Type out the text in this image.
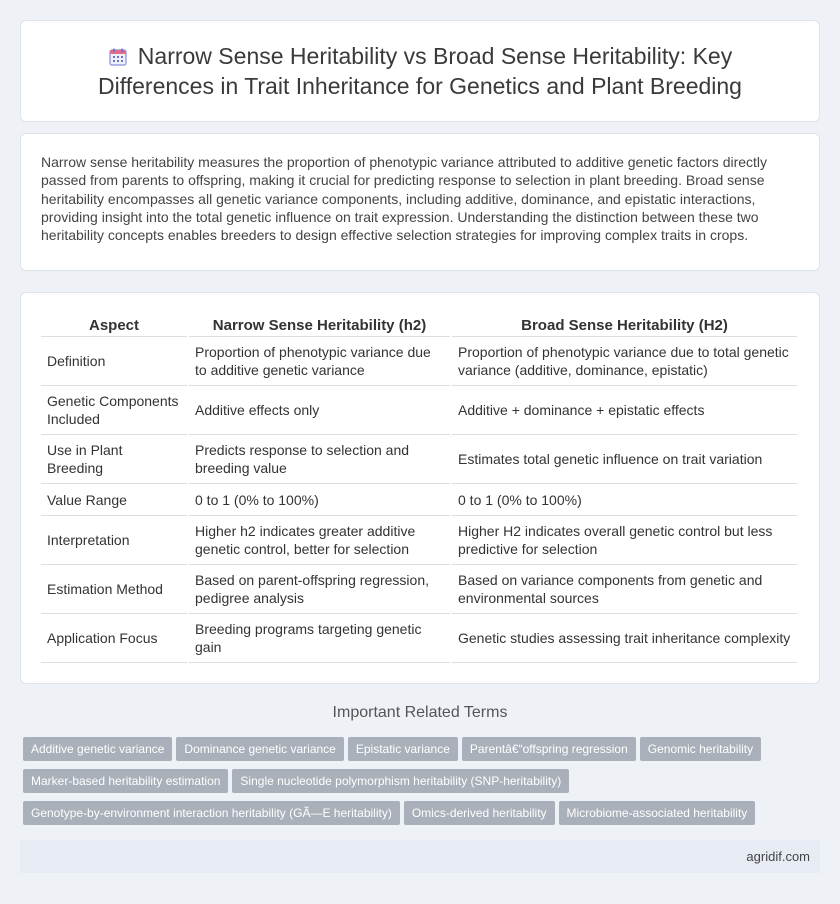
Narrow Sense Heritability vs Broad Sense Heritability: Key Differences in Trait Inheritance for Genetics and Plant Breeding

Narrow sense heritability measures the proportion of phenotypic variance attributed to additive genetic factors directly passed from parents to offspring, making it crucial for predicting response to selection in plant breeding. Broad sense heritability encompasses all genetic variance components, including additive, dominance, and epistatic interactions, providing insight into the total genetic influence on trait expression. Understanding the distinction between these two heritability concepts enables breeders to design effective selection strategies for improving complex traits in crops.

Aspect	Narrow Sense Heritability (h2)	Broad Sense Heritability (H2)
Definition	Proportion of phenotypic variance due to additive genetic variance	Proportion of phenotypic variance due to total genetic variance (additive, dominance, epistatic)
Genetic Components Included	Additive effects only	Additive + dominance + epistatic effects
Use in Plant Breeding	Predicts response to selection and breeding value	Estimates total genetic influence on trait variation
Value Range	0 to 1 (0% to 100%)	0 to 1 (0% to 100%)
Interpretation	Higher h2 indicates greater additive genetic control, better for selection	Higher H2 indicates overall genetic control but less predictive for selection
Estimation Method	Based on parent-offspring regression, pedigree analysis	Based on variance components from genetic and environmental sources
Application Focus	Breeding programs targeting genetic gain	Genetic studies assessing trait inheritance complexity
Important Related Terms
Additive genetic variance Dominance genetic variance Epistatic variance Parentâ€“offspring regression Genomic heritability
Marker-based heritability estimation Single nucleotide polymorphism heritability (SNP-heritability)
Genotype-by-environment interaction heritability (GÃ—E heritability) Omics-derived heritability Microbiome-associated heritability
agridif.com
